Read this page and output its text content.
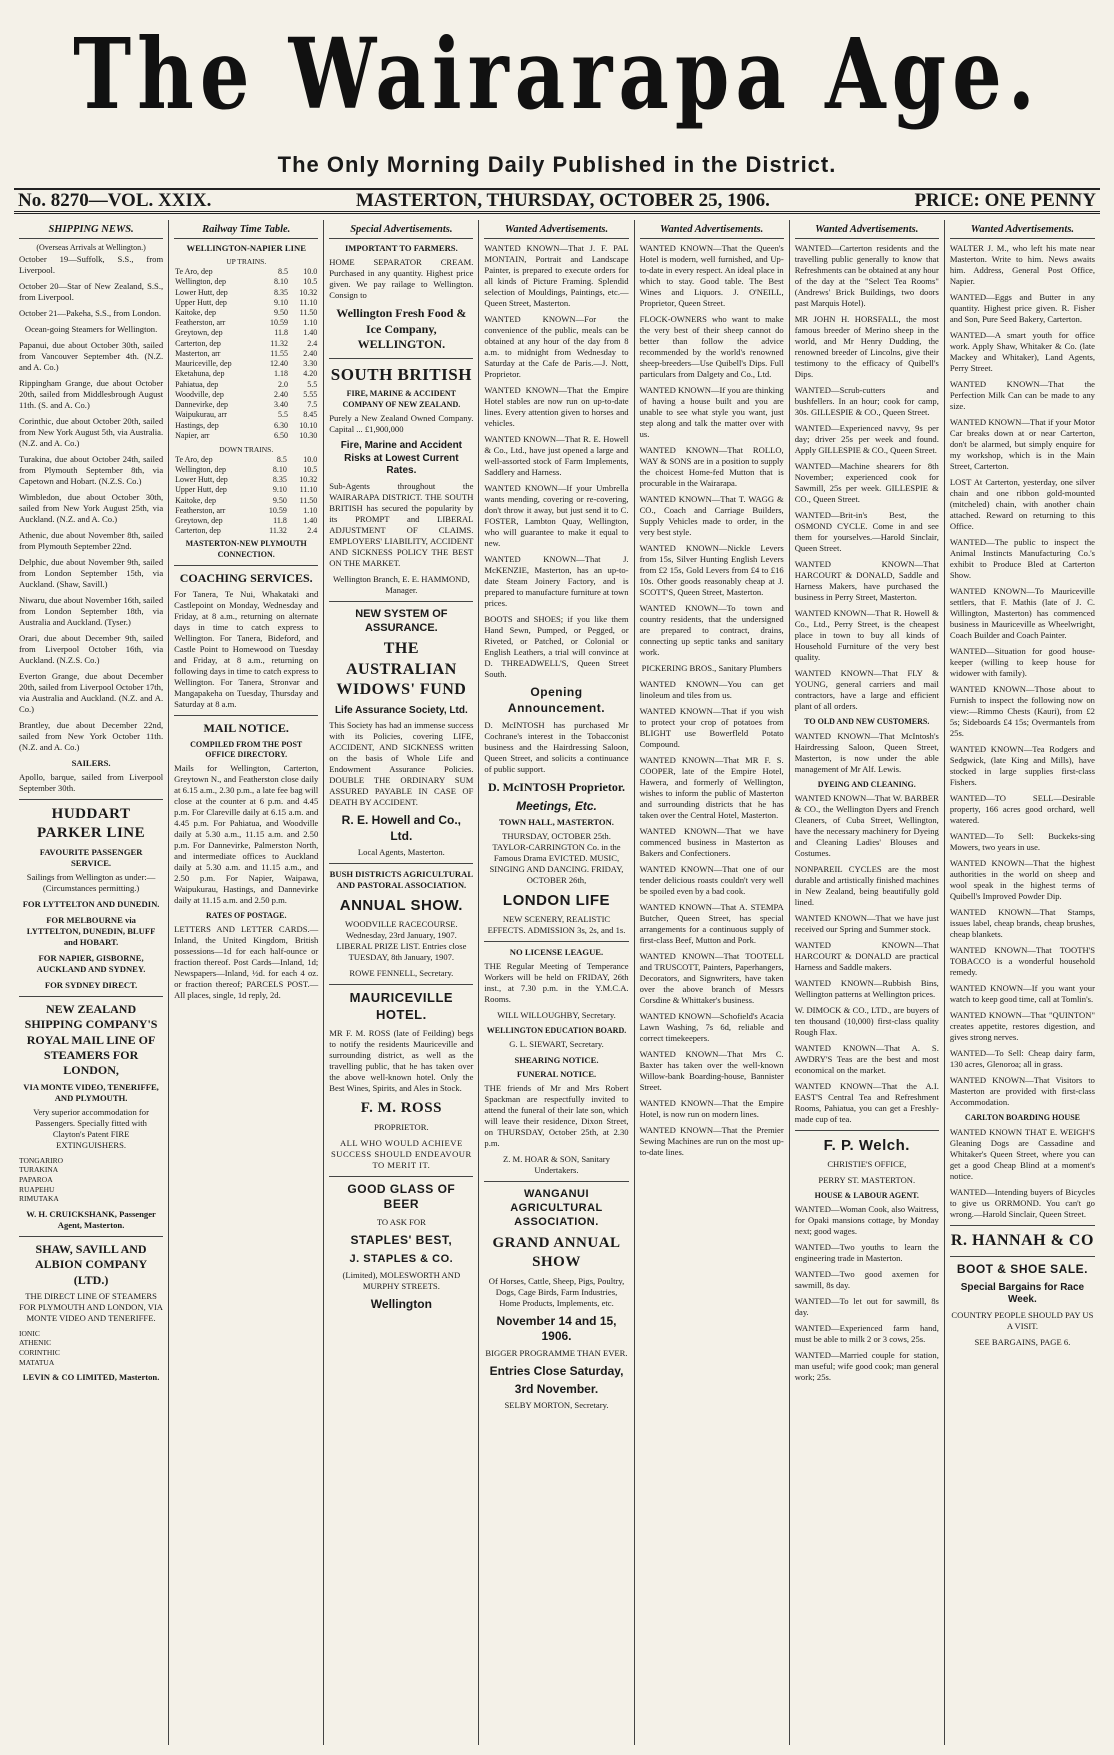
The Wairarapa Age.
The Only Morning Daily Published in the District.
No. 8270—VOL. XXIX.	MASTERTON, THURSDAY, OCTOBER 25, 1906.	PRICE: ONE PENNY
SHIPPING NEWS.
(Overseas Arrivals at Wellington.)
October 19—Suffolk, S.S., from Liverpool.
October 20—Star of New Zealand, S.S., from Liverpool.
October 21—Pakeha, S.S., from London.
Ocean-going Steamers for Wellington.
Papanui, due about October 30th, sailed from Vancouver September 4th. (N.Z. and A. Co.)
Rippingham Grange, due about October 20th, sailed from Middlesbrough August 11th. (S. and A. Co.)
Corinthic, due about October 20th, sailed from New York August 5th, via Australia. (N.Z. and A. Co.)
Turakina, due about October 24th, sailed from Plymouth September 8th, via Capetown and Hobart. (N.Z.S. Co.)
Wimbledon, due about October 30th, sailed from New York August 25th, via Auckland. (N.Z. and A. Co.)
Athenic, due about November 8th, sailed from Plymouth September 22nd.
Delphic, due about November 9th, sailed from London September 15th, via Auckland. (Shaw, Savill.)
Niwaru, due about November 16th, sailed from London September 18th, via Australia and Auckland. (Tyser.)
Orari, due about December 9th, sailed from Liverpool October 16th, via Auckland. (N.Z.S. Co.)
Everton Grange, due about December 20th, sailed from Liverpool October 17th, via Australia and Auckland. (N.Z. and A. Co.)
Brantley, due about December 22nd, sailed from New York October 11th. (N.Z. and A. Co.)
SAILERS.
Apollo, barque, sailed from Liverpool September 30th.
HUDDART PARKER LINE
FAVOURITE PASSENGER SERVICE.
Sailings from Wellington as under:— (Circumstances permitting.)
FOR LYTTELTON AND DUNEDIN.
FOR MELBOURNE via LYTTELTON, DUNEDIN, BLUFF and HOBART.
FOR NAPIER, GISBORNE, AUCKLAND AND SYDNEY.
FOR SYDNEY DIRECT.
NEW ZEALAND SHIPPING COMPANY'S ROYAL MAIL LINE OF STEAMERS FOR LONDON,
VIA MONTE VIDEO, TENERIFFE, AND PLYMOUTH.
Very superior accommodation for Passengers. Specially fitted with Clayton's Patent FIRE EXTINGUISHERS.
TONGARIRO
TURAKINA
PAPAROA
RUAPEHU
RIMUTAKA
W. H. CRUICKSHANK, Passenger Agent, Masterton.
SHAW, SAVILL AND ALBION COMPANY (LTD.)
THE DIRECT LINE OF STEAMERS FOR PLYMOUTH AND LONDON, VIA MONTE VIDEO AND TENERIFFE.
IONIC
ATHENIC
CORINTHIC
MATATUA
LEVIN & CO LIMITED, Masterton.
Railway Time Table.
WELLINGTON-NAPIER LINE
UP TRAINS.
Te Aro, dep	8.5	10.0
Wellington, dep	8.10	10.5
Lower Hutt, dep	8.35	10.32
Upper Hutt, dep	9.10	11.10
Kaitoke, dep	9.50	11.50
Featherston, arr	10.59	1.10
Greytown, dep	11.8	1.40
Carterton, dep	11.32	2.4
Masterton, arr	11.55	2.40
Mauriceville, dep	12.40	3.30
Eketahuna, dep	1.18	4.20
Pahiatua, dep	2.0	5.5
Woodville, dep	2.40	5.55
Dannevirke, dep	3.40	7.5
Waipukurau, arr	5.5	8.45
Hastings, dep	6.30	10.10
Napier, arr	6.50	10.30
DOWN TRAINS.
Te Aro, dep	8.5	10.0
Wellington, dep	8.10	10.5
Lower Hutt, dep	8.35	10.32
Upper Hutt, dep	9.10	11.10
Kaitoke, dep	9.50	11.50
Featherston, arr	10.59	1.10
Greytown, dep	11.8	1.40
Carterton, dep	11.32	2.4
MASTERTON-NEW PLYMOUTH CONNECTION.
COACHING SERVICES.
For Tanera, Te Nui, Whakataki and Castlepoint on Monday, Wednesday and Friday, at 8 a.m., returning on alternate days in time to catch express to Wellington. For Tanera, Bideford, and Castle Point to Homewood on Tuesday and Friday, at 8 a.m., returning on following days in time to catch express to Wellington. For Tanera, Stronvar and Mangapakeha on Tuesday, Thursday and Saturday at 8 a.m.
MAIL NOTICE.
COMPILED FROM THE POST OFFICE DIRECTORY.
Mails for Wellington, Carterton, Greytown N., and Featherston close daily at 6.15 a.m., 2.30 p.m., a late fee bag will close at the counter at 6 p.m. and 4.45 p.m. For Clareville daily at 6.15 a.m. and 4.45 p.m. For Pahiatua, and Woodville daily at 5.30 a.m., 11.15 a.m. and 2.50 p.m. For Dannevirke, Palmerston North, and intermediate offices to Auckland daily at 5.30 a.m. and 11.15 a.m., and 2.50 p.m. For Napier, Waipawa, Waipukurau, Hastings, and Dannevirke daily at 11.15 a.m. and 2.50 p.m.
RATES OF POSTAGE.
LETTERS AND LETTER CARDS.—Inland, the United Kingdom, British possessions—1d for each half-ounce or fraction thereof. Post Cards—Inland, 1d; Newspapers—Inland, ½d. for each 4 oz. or fraction thereof; PARCELS POST.—All places, single, 1d reply, 2d.
Special Advertisements.
IMPORTANT TO FARMERS.
HOME SEPARATOR CREAM. Purchased in any quantity. Highest price given. We pay railage to Wellington. Consign to
Wellington Fresh Food & Ice Company, WELLINGTON.
SOUTH BRITISH
FIRE, MARINE & ACCIDENT COMPANY OF NEW ZEALAND.
Purely a New Zealand Owned Company. Capital ... £1,900,000
Fire, Marine and Accident Risks at Lowest Current Rates.
Sub-Agents throughout the WAIRARAPA DISTRICT. THE SOUTH BRITISH has secured the popularity by its PROMPT and LIBERAL ADJUSTMENT OF CLAIMS. EMPLOYERS' LIABILITY, ACCIDENT AND SICKNESS POLICY THE BEST ON THE MARKET.
Wellington Branch, E. E. HAMMOND, Manager.
NEW SYSTEM OF ASSURANCE.
THE AUSTRALIAN WIDOWS' FUND
Life Assurance Society, Ltd.
This Society has had an immense success with its Policies, covering LIFE, ACCIDENT, AND SICKNESS written on the basis of Whole Life and Endowment Assurance Policies. DOUBLE THE ORDINARY SUM ASSURED PAYABLE IN CASE OF DEATH BY ACCIDENT.
R. E. Howell and Co., Ltd.
Local Agents, Masterton.
BUSH DISTRICTS AGRICULTURAL AND PASTORAL ASSOCIATION.
ANNUAL SHOW.
WOODVILLE RACECOURSE. Wednesday, 23rd January, 1907. LIBERAL PRIZE LIST. Entries close TUESDAY, 8th January, 1907.
ROWE FENNELL, Secretary.
MAURICEVILLE HOTEL.
MR F. M. ROSS (late of Feilding) begs to notify the residents Mauriceville and surrounding district, as well as the travelling public, that he has taken over the above well-known hotel. Only the Best Wines, Spirits, and Ales in Stock.
F. M. ROSS
PROPRIETOR.
ALL WHO WOULD ACHIEVE SUCCESS SHOULD ENDEAVOUR TO MERIT IT.
GOOD GLASS OF BEER
TO ASK FOR
STAPLES' BEST,
J. STAPLES & CO.
(Limited), MOLESWORTH AND MURPHY STREETS.
Wellington
Wanted Advertisements.
WANTED KNOWN—That J. F. PAL MONTAIN, Portrait and Landscape Painter, is prepared to execute orders for all kinds of Picture Framing. Splendid selection of Mouldings, Paintings, etc.—Queen Street, Masterton.
WANTED KNOWN—For the convenience of the public, meals can be obtained at any hour of the day from 8 a.m. to midnight from Wednesday to Saturday at the Cafe de Paris.—J. Nott, Proprietor.
WANTED KNOWN—That the Empire Hotel stables are now run on up-to-date lines. Every attention given to horses and vehicles.
WANTED KNOWN—That R. E. Howell & Co., Ltd., have just opened a large and well-assorted stock of Farm Implements, Saddlery and Harness.
WANTED KNOWN—If your Umbrella wants mending, covering or re-covering, don't throw it away, but just send it to C. FOSTER, Lambton Quay, Wellington, who will guarantee to make it equal to new.
WANTED KNOWN—That J. McKENZIE, Masterton, has an up-to-date Steam Joinery Factory, and is prepared to manufacture furniture at town prices.
BOOTS and SHOES; if you like them Hand Sewn, Pumped, or Pegged, or Riveted, or Patched, or Colonial or English Leathers, a trial will convince at D. THREADWELL'S, Queen Street South.
Opening Announcement.
D. McINTOSH has purchased Mr Cochrane's interest in the Tobacconist business and the Hairdressing Saloon, Queen Street, and solicits a continuance of public support.
D. McINTOSH Proprietor.
Meetings, Etc.
TOWN HALL, MASTERTON.
THURSDAY, OCTOBER 25th. TAYLOR-CARRINGTON Co. in the Famous Drama EVICTED. MUSIC, SINGING AND DANCING. FRIDAY, OCTOBER 26th,
LONDON LIFE
NEW SCENERY, REALISTIC EFFECTS. ADMISSION 3s, 2s, and 1s.
NO LICENSE LEAGUE.
THE Regular Meeting of Temperance Workers will be held on FRIDAY, 26th inst., at 7.30 p.m. in the Y.M.C.A. Rooms.
WILL WILLOUGHBY, Secretary.
WELLINGTON EDUCATION BOARD.
G. L. SIEWART, Secretary.
SHEARING NOTICE.
FUNERAL NOTICE.
THE friends of Mr and Mrs Robert Spackman are respectfully invited to attend the funeral of their late son, which will leave their residence, Dixon Street, on THURSDAY, October 25th, at 2.30 p.m.
Z. M. HOAR & SON, Sanitary Undertakers.
WANGANUI AGRICULTURAL ASSOCIATION.
GRAND ANNUAL SHOW
Of Horses, Cattle, Sheep, Pigs, Poultry, Dogs, Cage Birds, Farm Industries, Home Products, Implements, etc.
November 14 and 15, 1906.
BIGGER PROGRAMME THAN EVER.
Entries Close Saturday,
3rd November.
SELBY MORTON, Secretary.
Wanted Advertisements.
WANTED KNOWN—That the Queen's Hotel is modern, well furnished, and Up-to-date in every respect. An ideal place in which to stay. Good table. The Best Wines and Liquors. J. O'NEILL, Proprietor, Queen Street.
FLOCK-OWNERS who want to make the very best of their sheep cannot do better than follow the advice recommended by the world's renowned sheep-breeders—Use Quibell's Dips. Full particulars from Dalgety and Co., Ltd.
WANTED KNOWN—If you are thinking of having a house built and you are unable to see what style you want, just step along and talk the matter over with us.
WANTED KNOWN—That ROLLO, WAY & SONS are in a position to supply the choicest Home-fed Mutton that is procurable in the Wairarapa.
WANTED KNOWN—That T. WAGG & CO., Coach and Carriage Builders, Supply Vehicles made to order, in the very best style.
WANTED KNOWN—Nickle Levers from 15s, Silver Hunting English Levers from £2 15s, Gold Levers from £4 to £16 10s. Other goods reasonably cheap at J. SCOTT'S, Queen Street, Masterton.
WANTED KNOWN—To town and country residents, that the undersigned are prepared to contract, drains, connecting up septic tanks and sanitary work.
PICKERING BROS., Sanitary Plumbers
WANTED KNOWN—You can get linoleum and tiles from us.
WANTED KNOWN—That if you wish to protect your crop of potatoes from BLIGHT use Bowerfleld Potato Compound.
WANTED KNOWN—That MR F. S. COOPER, late of the Empire Hotel, Hawera, and formerly of Wellington, wishes to inform the public of Masterton and surrounding districts that he has taken over the Central Hotel, Masterton.
WANTED KNOWN—That we have commenced business in Masterton as Bakers and Confectioners.
WANTED KNOWN—That one of our tender delicious roasts couldn't very well be spoiled even by a bad cook.
WANTED KNOWN—That A. STEMPA Butcher, Queen Street, has special arrangements for a continuous supply of first-class Beef, Mutton and Pork.
WANTED KNOWN—That TOOTELL and TRUSCOTT, Painters, Paperhangers, Decorators, and Signwriters, have taken over the above branch of Messrs Corsdine & Whittaker's business.
WANTED KNOWN—Schofield's Acacia Lawn Washing, 7s 6d, reliable and correct timekeepers.
WANTED KNOWN—That Mrs C. Baxter has taken over the well-known Willow-bank Boarding-house, Bannister Street.
WANTED KNOWN—That the Empire Hotel, is now run on modern lines.
WANTED KNOWN—That the Premier Sewing Machines are run on the most up-to-date lines.
Wanted Advertisements.
WANTED—Carterton residents and the travelling public generally to know that Refreshments can be obtained at any hour of the day at the "Select Tea Rooms" (Andrews' Brick Buildings, two doors past Marquis Hotel).
MR JOHN H. HORSFALL, the most famous breeder of Merino sheep in the world, and Mr Henry Dudding, the renowned breeder of Lincolns, give their testimony to the efficacy of Quibell's Dips.
WANTED—Scrub-cutters and bushfellers. In an hour; cook for camp, 30s. GILLESPIE & CO., Queen Street.
WANTED—Experienced navvy, 9s per day; driver 25s per week and found. Apply GILLESPIE & CO., Queen Street.
WANTED—Machine shearers for 8th November; experienced cook for Sawmill, 25s per week. GILLESPIE & CO., Queen Street.
WANTED—Brit-in's Best, the OSMOND CYCLE. Come in and see them for yourselves.—Harold Sinclair, Queen Street.
WANTED KNOWN—That HARCOURT & DONALD, Saddle and Harness Makers, have purchased the business in Perry Street, Masterton.
WANTED KNOWN—That R. Howell & Co., Ltd., Perry Street, is the cheapest place in town to buy all kinds of Household Furniture of the very best quality.
WANTED KNOWN—That FLY & YOUNG, general carriers and mail contractors, have a large and efficient plant of all orders.
TO OLD AND NEW CUSTOMERS.
WANTED KNOWN—That McIntosh's Hairdressing Saloon, Queen Street, Masterton, is now under the able management of Mr Alf. Lewis.
DYEING AND CLEANING.
WANTED KNOWN—That W. BARBER & CO., the Wellington Dyers and French Cleaners, of Cuba Street, Wellington, have the necessary machinery for Dyeing and Cleaning Ladies' Blouses and Costumes.
NONPAREIL CYCLES are the most durable and artistically finished machines in New Zealand, being beautifully gold lined.
WANTED KNOWN—That we have just received our Spring and Summer stock.
WANTED KNOWN—That HARCOURT & DONALD are practical Harness and Saddle makers.
WANTED KNOWN—Rubbish Bins, Wellington patterns at Wellington prices.
W. DIMOCK & CO., LTD., are buyers of ten thousand (10,000) first-class quality Rough Flax.
WANTED KNOWN—That A. S. AWDRY'S Teas are the best and most economical on the market.
WANTED KNOWN—That the A.I. EAST'S Central Tea and Refreshment Rooms, Pahiatua, you can get a Freshly-made cup of tea.
F. P. Welch.
CHRISTIE'S OFFICE,
PERRY ST. MASTERTON.
HOUSE & LABOUR AGENT.
WANTED—Woman Cook, also Waitress, for Opaki mansions cottage, by Monday next; good wages.
WANTED—Two youths to learn the engineering trade in Masterton.
WANTED—Two good axemen for sawmill, 8s day.
WANTED—To let out for sawmill, 8s day.
WANTED—Experienced farm hand, must be able to milk 2 or 3 cows, 25s.
WANTED—Married couple for station, man useful; wife good cook; man general work; 25s.
Wanted Advertisements.
WALTER J. M., who left his mate near Masterton. Write to him. News awaits him. Address, General Post Office, Napier.
WANTED—Eggs and Butter in any quantity. Highest price given. R. Fisher and Son, Pure Seed Bakery, Carterton.
WANTED—A smart youth for office work. Apply Shaw, Whitaker & Co. (late Mackey and Whitaker), Land Agents, Perry Street.
WANTED KNOWN—That the Perfection Milk Can can be made to any size.
WANTED KNOWN—That if your Motor Car breaks down at or near Carterton, don't be alarmed, but simply enquire for my workshop, which is in the Main Street, Carterton.
LOST At Carterton, yesterday, one silver chain and one ribbon gold-mounted (mitcheled) chain, with another chain attached. Reward on returning to this Office.
WANTED—The public to inspect the Animal Instincts Manufacturing Co.'s exhibit to Produce Bled at Carterton Show.
WANTED KNOWN—To Mauriceville settlers, that F. Mathis (late of J. C. Willington, Masterton) has commenced business in Mauriceville as Wheelwright, Coach Builder and Coach Painter.
WANTED—Situation for good house-keeper (willing to keep house for widower with family).
WANTED KNOWN—Those about to Furnish to inspect the following now on view:—Rimmo Chests (Kauri), from £2 5s; Sideboards £4 15s; Overmantels from 25s.
WANTED KNOWN—Tea Rodgers and Sedgwick, (late King and Mills), have stocked in large supplies first-class Fishers.
WANTED—TO SELL—Desirable property, 166 acres good orchard, well watered.
WANTED—To Sell: Buckeks-sing Mowers, two years in use.
WANTED KNOWN—That the highest authorities in the world on sheep and wool speak in the highest terms of Quibell's Improved Powder Dip.
WANTED KNOWN—That Stamps, issues label, cheap brands, cheap brushes, cheap blankets.
WANTED KNOWN—That TOOTH'S TOBACCO is a wonderful household remedy.
WANTED KNOWN—If you want your watch to keep good time, call at Tomlin's.
WANTED KNOWN—That "QUINTON" creates appetite, restores digestion, and gives strong nerves.
WANTED—To Sell: Cheap dairy farm, 130 acres, Glenoroa; all in grass.
WANTED KNOWN—That Visitors to Masterton are provided with first-class Accommodation.
CARLTON BOARDING HOUSE
WANTED KNOWN THAT E. WEIGH'S Gleaning Dogs are Cassadine and Whitaker's Queen Street, where you can get a good Cheap Blind at a moment's notice.
WANTED—Intending buyers of Bicycles to give us ORRMOND. You can't go wrong.—Harold Sinclair, Queen Street.
R. HANNAH & CO
BOOT & SHOE SALE.
Special Bargains for Race Week.
COUNTRY PEOPLE SHOULD PAY US A VISIT.
SEE BARGAINS, PAGE 6.
